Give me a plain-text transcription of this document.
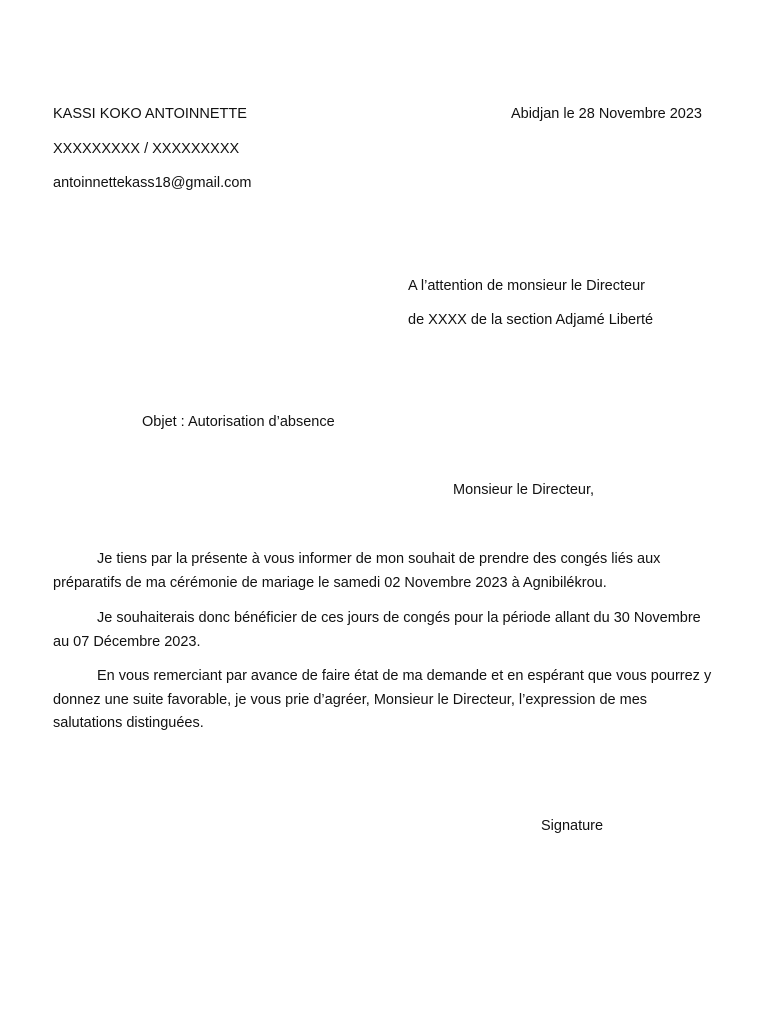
KASSI KOKO ANTOINNETTE
XXXXXXXXX / XXXXXXXXX
antoinnettekass18@gmail.com
Abidjan le 28 Novembre 2023
A l’attention de monsieur le Directeur
de XXXX de la section Adjamé Liberté
Objet : Autorisation d’absence
Monsieur le Directeur,
Je tiens par la présente à vous informer de mon souhait de prendre des congés liés aux préparatifs de ma cérémonie de mariage le samedi 02 Novembre 2023 à Agnibilékrou.
Je souhaiterais donc bénéficier de ces jours de congés pour la période allant du 30 Novembre au 07 Décembre 2023.
En vous remerciant par avance de faire état de ma demande et en espérant que vous pourrez y donnez une suite favorable, je vous prie d’agréer, Monsieur le Directeur, l’expression de mes salutations distinguées.
Signature
